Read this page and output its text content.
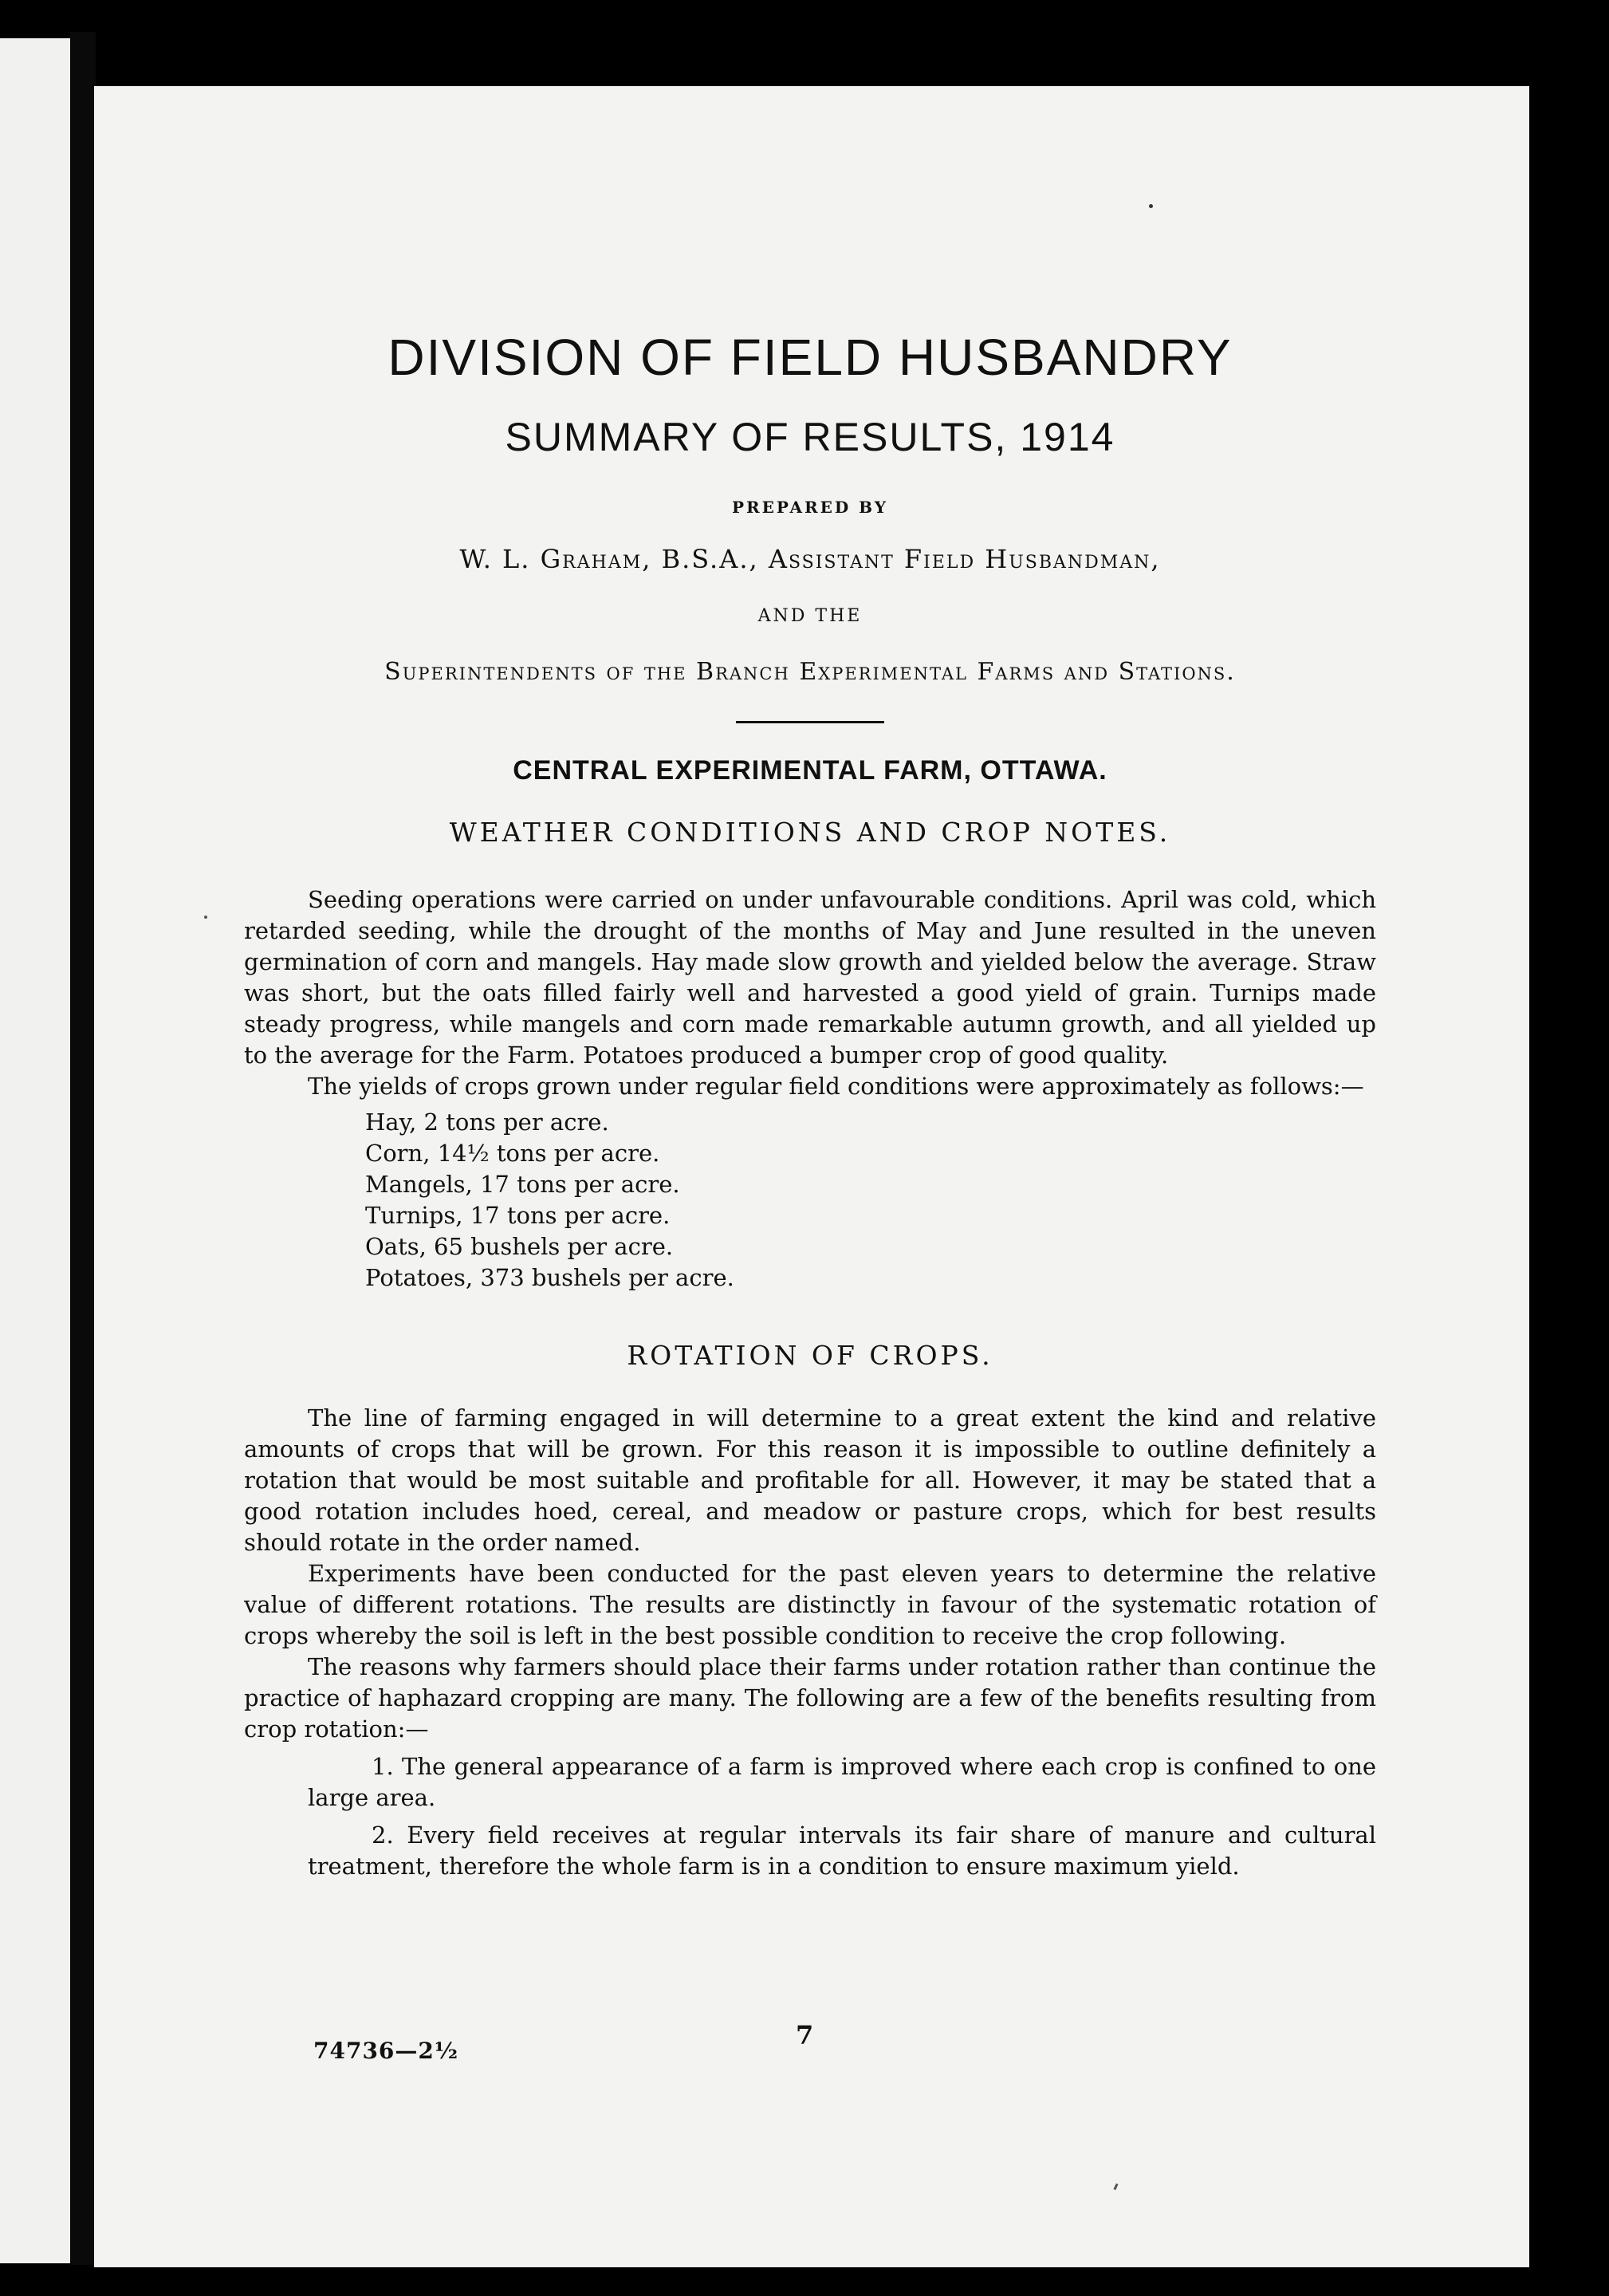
DIVISION OF FIELD HUSBANDRY
SUMMARY OF RESULTS, 1914
PREPARED BY
W. L. Graham, B.S.A., Assistant Field Husbandman,
AND THE
Superintendents of the Branch Experimental Farms and Stations.
CENTRAL EXPERIMENTAL FARM, OTTAWA.
WEATHER CONDITIONS AND CROP NOTES.

Seeding operations were carried on under unfavourable conditions. April was cold, which retarded seeding, while the drought of the months of May and June resulted in the uneven germination of corn and mangels. Hay made slow growth and yielded below the average. Straw was short, but the oats filled fairly well and harvested a good yield of grain. Turnips made steady progress, while mangels and corn made remarkable autumn growth, and all yielded up to the average for the Farm. Potatoes produced a bumper crop of good quality.

The yields of crops grown under regular field conditions were approximately as follows:—

Hay, 2 tons per acre.
Corn, 14½ tons per acre.
Mangels, 17 tons per acre.
Turnips, 17 tons per acre.
Oats, 65 bushels per acre.
Potatoes, 373 bushels per acre.
ROTATION OF CROPS.

The line of farming engaged in will determine to a great extent the kind and relative amounts of crops that will be grown. For this reason it is impossible to outline definitely a rotation that would be most suitable and profitable for all. However, it may be stated that a good rotation includes hoed, cereal, and meadow or pasture crops, which for best results should rotate in the order named.

Experiments have been conducted for the past eleven years to determine the relative value of different rotations. The results are distinctly in favour of the systematic rotation of crops whereby the soil is left in the best possible condition to receive the crop following.

The reasons why farmers should place their farms under rotation rather than continue the practice of haphazard cropping are many. The following are a few of the benefits resulting from crop rotation:—

1. The general appearance of a farm is improved where each crop is confined to one large area.
2. Every field receives at regular intervals its fair share of manure and cultural treatment, therefore the whole farm is in a condition to ensure maximum yield.
7
74736—2½
